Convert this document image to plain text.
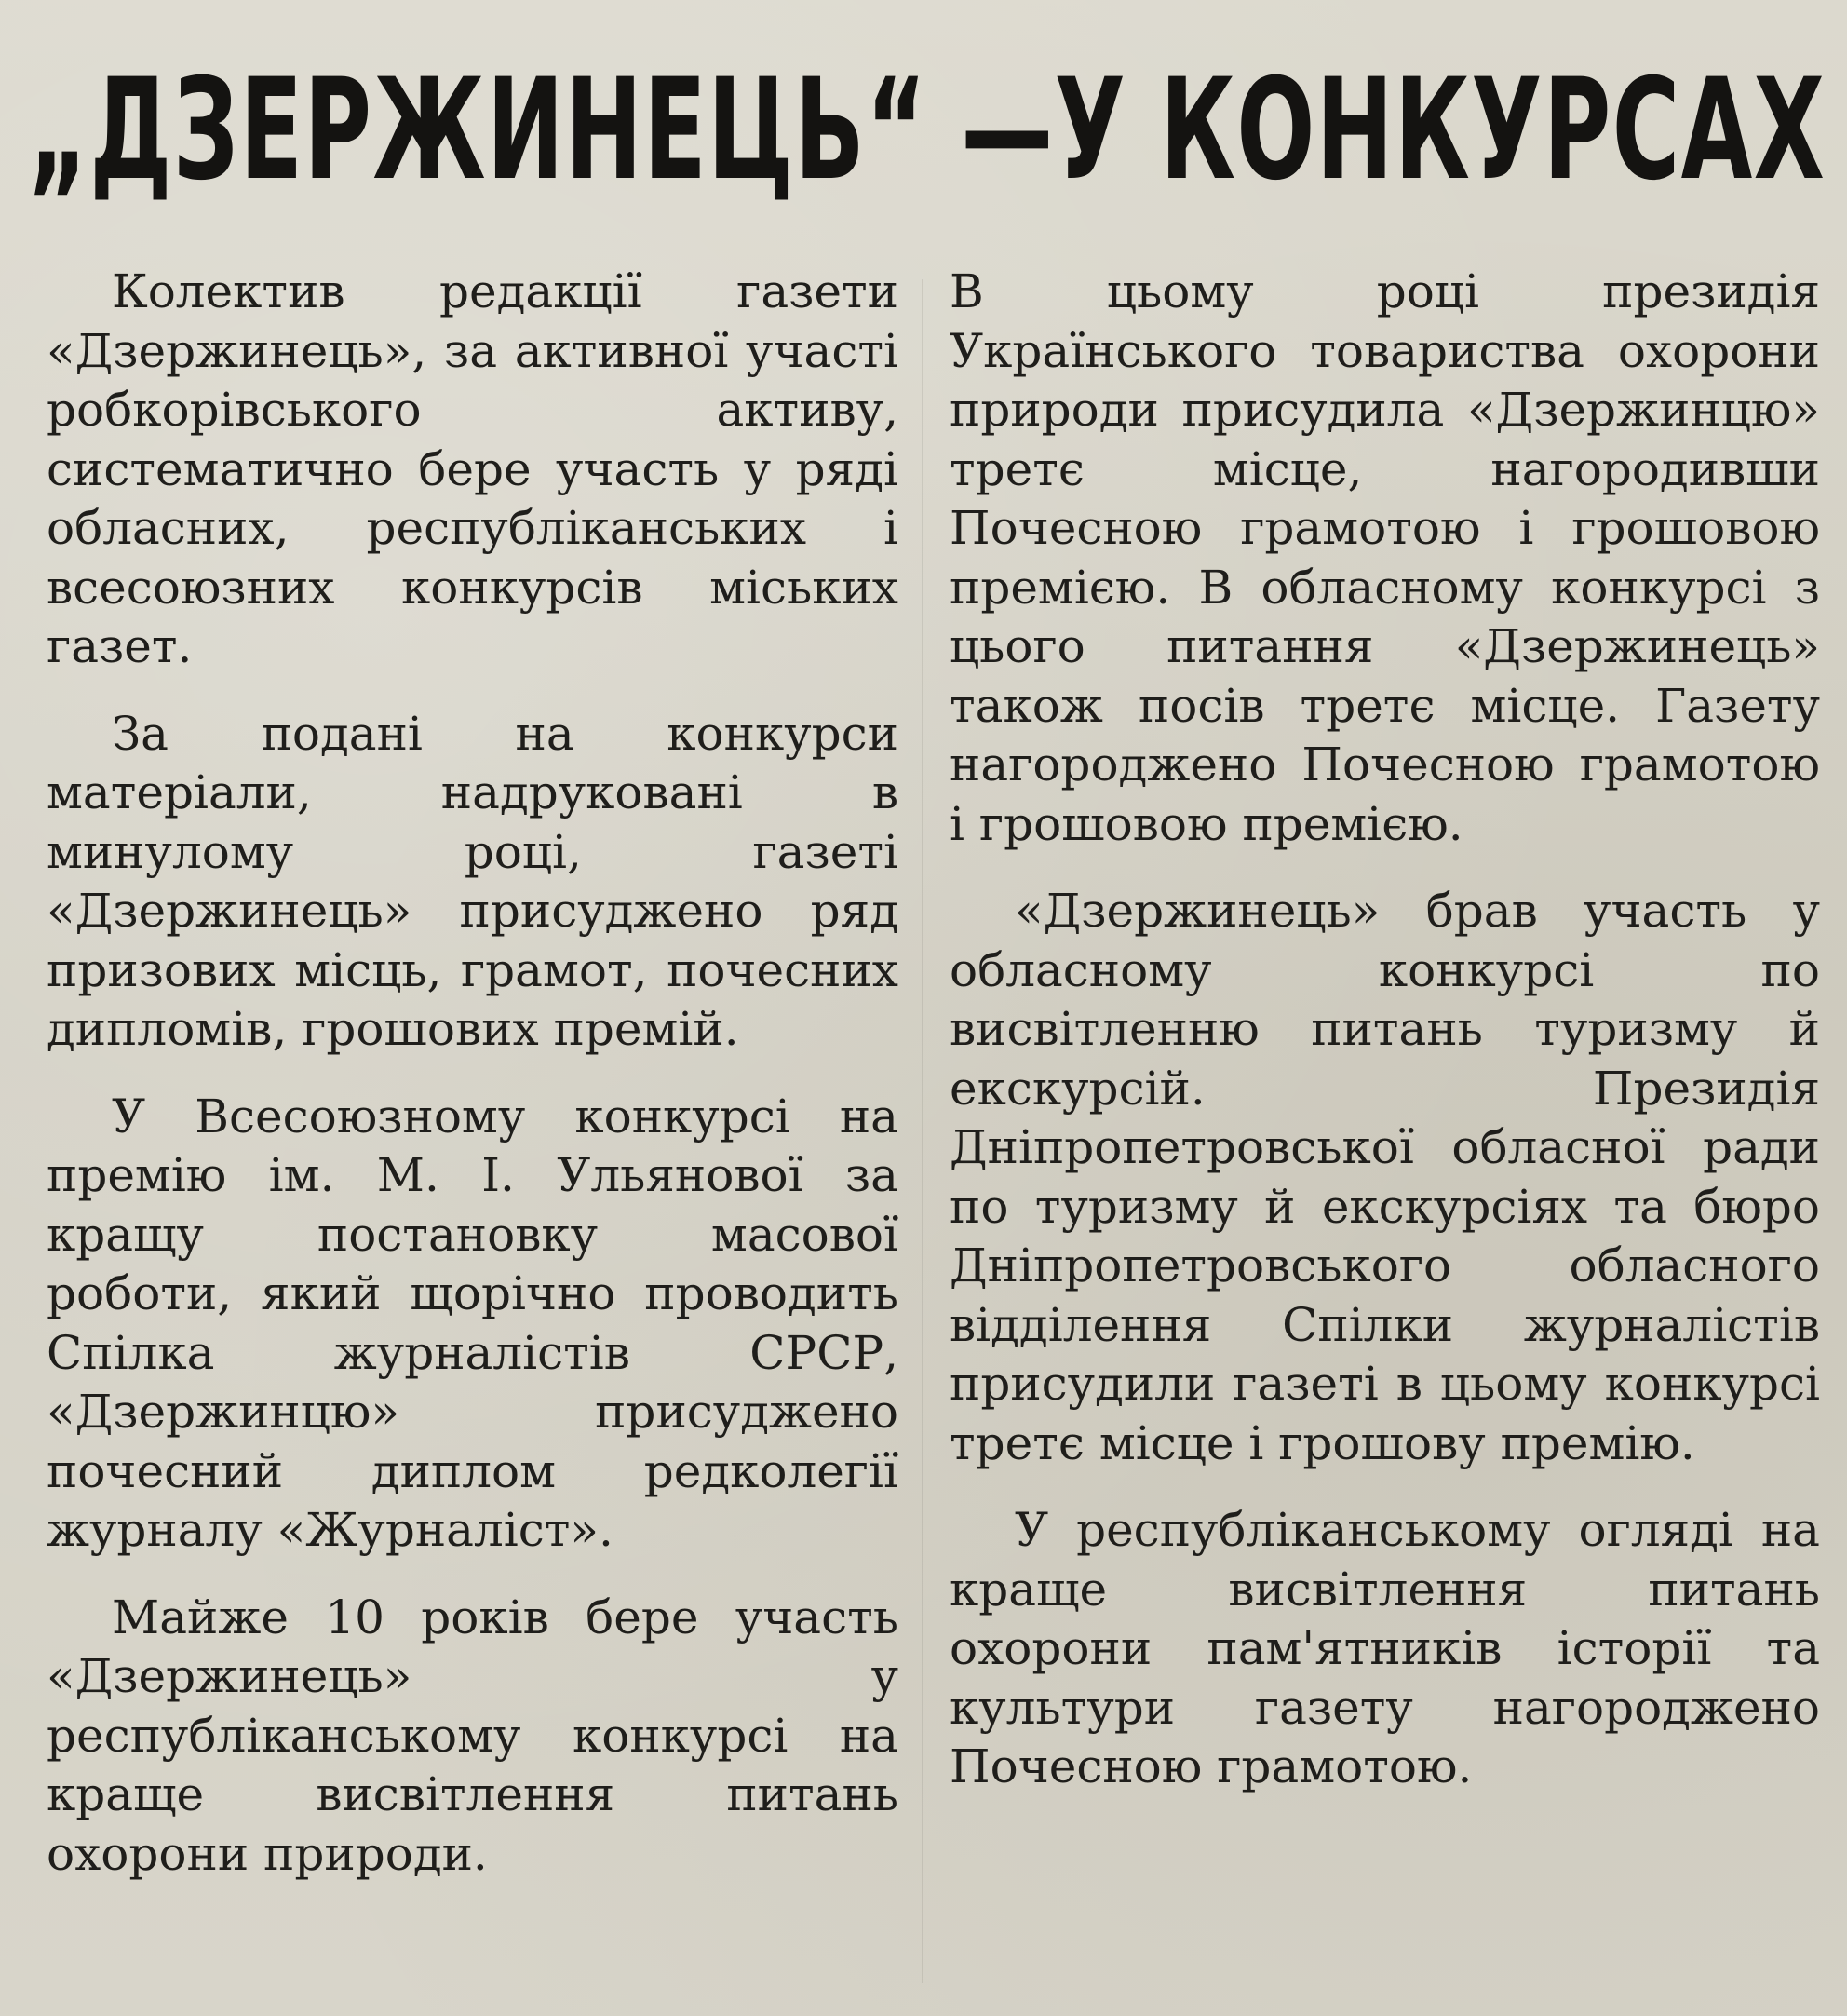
„ДЗЕРЖИНЕЦЬ“ —У КОНКУРСАХ

Колектив редакції газети «Дзержинець», за активної участі робкорівського активу, систематично бере участь у ряді обласних, республіканських і всесоюзних конкурсів міських газет.

За подані на конкурси матеріали, надруковані в минулому році, газеті «Дзержинець» присуджено ряд призових місць, грамот, почесних дипломів, грошових премій.

У Всесоюзному конкурсі на премію ім. М. І. Ульянової за кращу постановку масової роботи, який щорічно проводить Спілка журналістів СРСР, «Дзержинцю» присуджено почесний диплом редколегії журналу «Журналіст».

Майже 10 років бере участь «Дзержинець» у республіканському конкурсі на краще висвітлення питань охорони природи.

В цьому році президія Українського товариства охорони природи присудила «Дзержинцю» третє місце, нагородивши Почесною грамотою і грошовою премією. В обласному конкурсі з цього питання «Дзержинець» також посів третє місце. Газету нагороджено Почесною грамотою і грошовою премією.

«Дзержинець» брав участь у обласному конкурсі по висвітленню питань туризму й екскурсій. Президія Дніпропетровської обласної ради по туризму й екскурсіях та бюро Дніпропетровського обласного відділення Спілки журналістів присудили газеті в цьому конкурсі третє місце і грошову премію.

У республіканському огляді на краще висвітлення питань охорони пам'ятників історії та культури газету нагороджено Почесною грамотою.
